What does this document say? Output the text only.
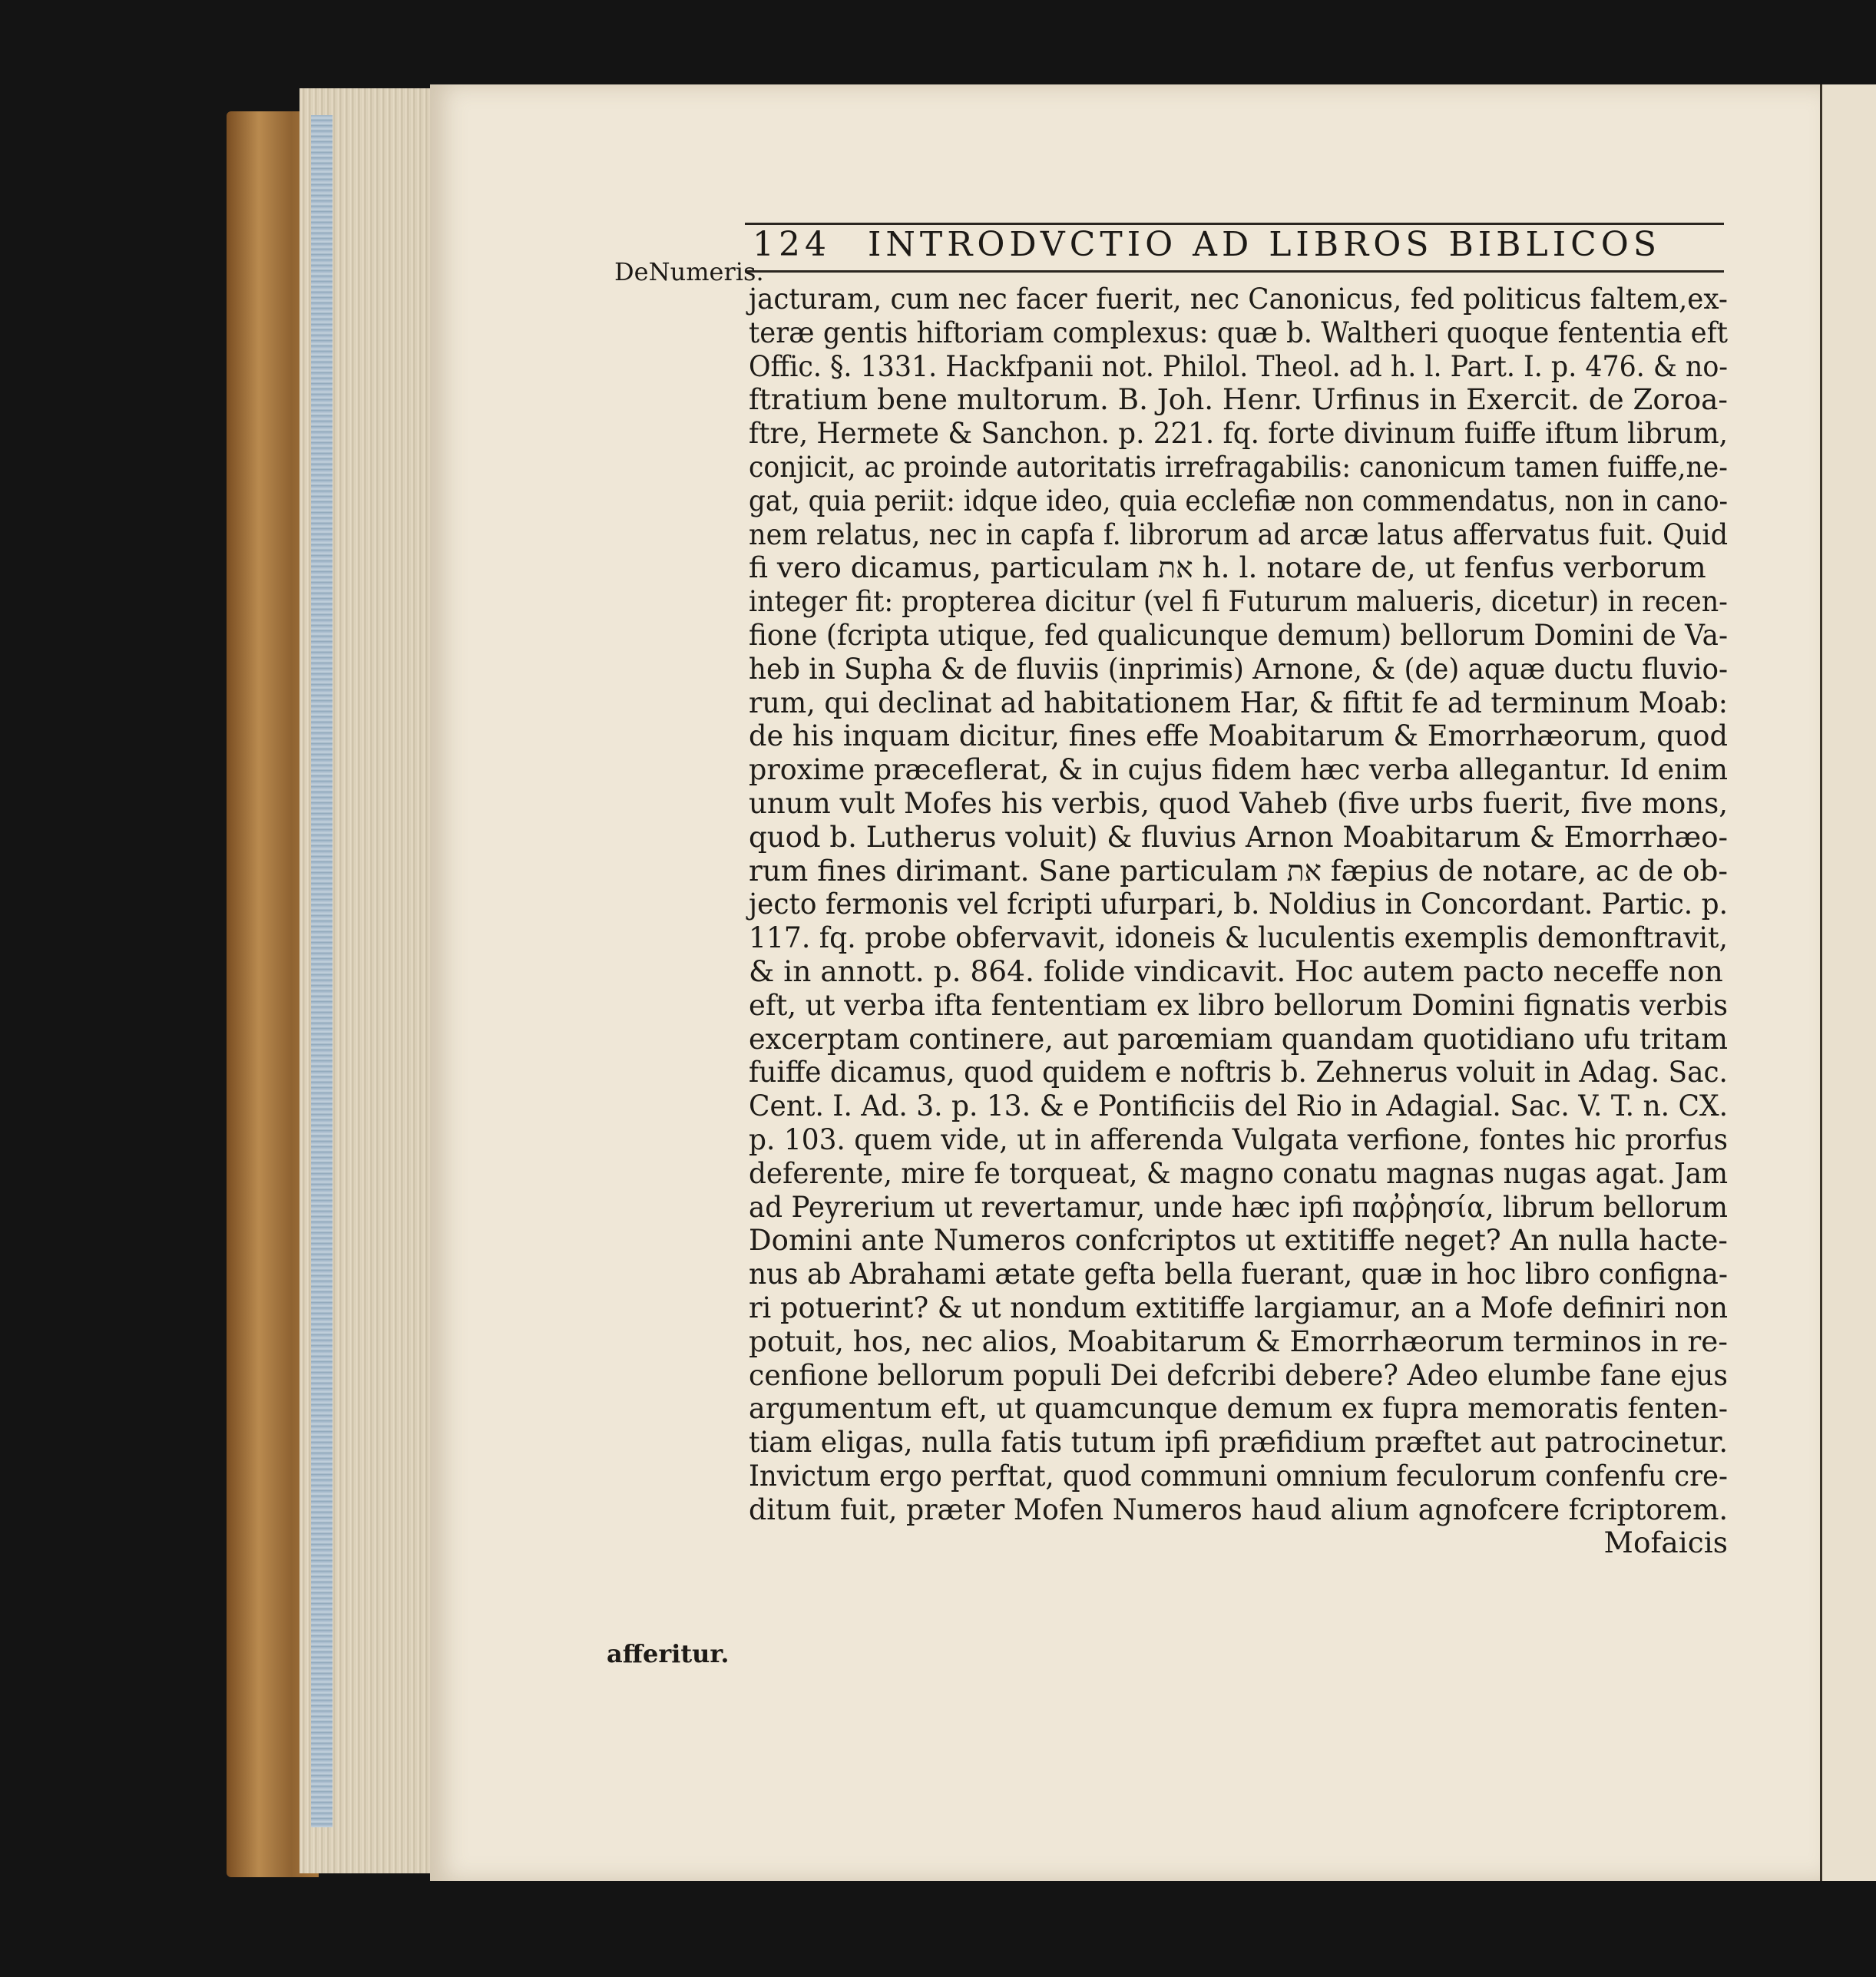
124 INTRODVCTIO AD LIBROS BIBLICOS
DeNumeris.
afferitur.
jacturam, cum nec facer fuerit, nec Canonicus, fed politicus faltem,ex-
teræ gentis hiftoriam complexus: quæ b. Waltheri quoque fententia eft
Offic. §. 1331. Hackfpanii not. Philol. Theol. ad h. l. Part. I. p. 476. & no-
ftratium bene multorum. B. Joh. Henr. Urfinus in Exercit. de Zoroa-
ftre, Hermete & Sanchon. p. 221. fq. forte divinum fuiffe iftum librum,
conjicit, ac proinde autoritatis irrefragabilis: canonicum tamen fuiffe,ne-
gat, quia periit: idque ideo, quia ecclefiæ non commendatus, non in cano-
nem relatus, nec in capfa f. librorum ad arcæ latus affervatus fuit. Quid
fi vero dicamus, particulam את h. l. notare de, ut fenfus verborum
integer fit: propterea dicitur (vel fi Futurum malueris, dicetur) in recen-
fione (fcripta utique, fed qualicunque demum) bellorum Domini de Va-
heb in Supha & de fluviis (inprimis) Arnone, & (de) aquæ ductu fluvio-
rum, qui declinat ad habitationem Har, & fiftit fe ad terminum Moab:
de his inquam dicitur, fines effe Moabitarum & Emorrhæorum, quod
proxime præceflerat, & in cujus fidem hæc verba allegantur. Id enim
unum vult Mofes his verbis, quod Vaheb (five urbs fuerit, five mons,
quod b. Lutherus voluit) & fluvius Arnon Moabitarum & Emorrhæo-
rum fines dirimant. Sane particulam את fæpius de notare, ac de ob-
jecto fermonis vel fcripti ufurpari, b. Noldius in Concordant. Partic. p.
117. fq. probe obfervavit, idoneis & luculentis exemplis demonftravit,
& in annott. p. 864. folide vindicavit. Hoc autem pacto neceffe non
eft, ut verba ifta fententiam ex libro bellorum Domini fignatis verbis
excerptam continere, aut parœmiam quandam quotidiano ufu tritam
fuiffe dicamus, quod quidem e noftris b. Zehnerus voluit in Adag. Sac.
Cent. I. Ad. 3. p. 13. & e Pontificiis del Rio in Adagial. Sac. V. T. n. CX.
p. 103. quem vide, ut in afferenda Vulgata verfione, fontes hic prorfus
deferente, mire fe torqueat, & magno conatu magnas nugas agat. Jam
ad Peyrerium ut revertamur, unde hæc ipfi παῤῥησία, librum bellorum
Domini ante Numeros confcriptos ut extitiffe neget? An nulla hacte-
nus ab Abrahami ætate gefta bella fuerant, quæ in hoc libro configna-
ri potuerint? & ut nondum extitiffe largiamur, an a Mofe definiri non
potuit, hos, nec alios, Moabitarum & Emorrhæorum terminos in re-
cenfione bellorum populi Dei defcribi debere? Adeo elumbe fane ejus
argumentum eft, ut quamcunque demum ex fupra memoratis fenten-
tiam eligas, nulla fatis tutum ipfi præfidium præftet aut patrocinetur.
Invictum ergo perftat, quod communi omnium feculorum confenfu cre-
ditum fuit, præter Mofen Numeros haud alium agnofcere fcriptorem.
Mofaicis
